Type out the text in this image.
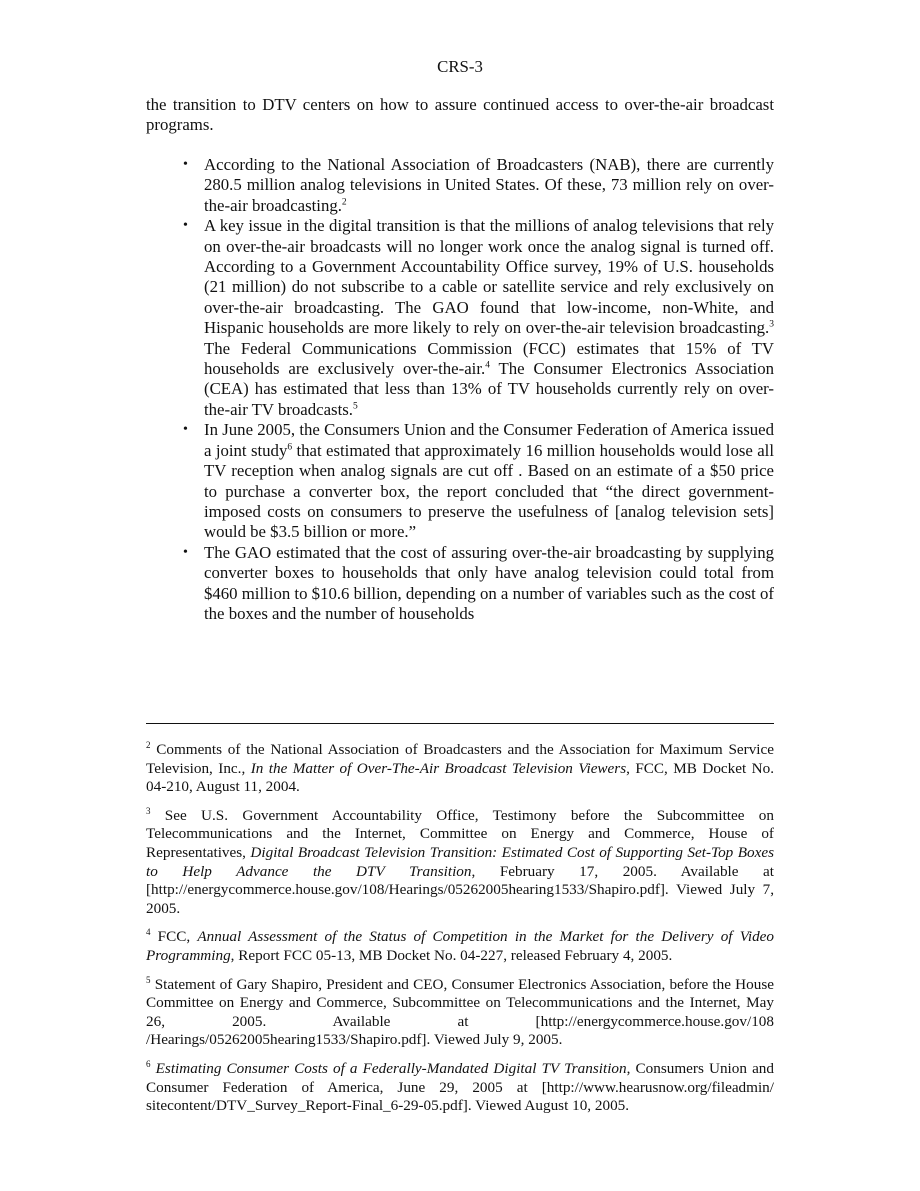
CRS-3

the transition to DTV centers on how to assure continued access to over-the-air broadcast programs.

• According to the National Association of Broadcasters (NAB), there are currently 280.5 million analog televisions in United States. Of these, 73 million rely on over-the-air broadcasting.$^2$
• A key issue in the digital transition is that the millions of analog televisions that rely on over-the-air broadcasts will no longer work once the analog signal is turned off. According to a Government Accountability Office survey, 19% of U.S. households (21 million) do not subscribe to a cable or satellite service and rely exclusively on over-the-air broadcasting. The GAO found that low-income, non-White, and Hispanic households are more likely to rely on over-the-air television broadcasting.$^3$ The Federal Communications Commission (FCC) estimates that 15% of TV households are exclusively over-the-air.$^4$ The Consumer Electronics Association (CEA) has estimated that less than 13% of TV households currently rely on over-the-air TV broadcasts.$^5$
• In June 2005, the Consumers Union and the Consumer Federation of America issued a joint study$^6$ that estimated that approximately 16 million households would lose all TV reception when analog signals are cut off . Based on an estimate of a $50 price to purchase a converter box, the report concluded that “the direct government-imposed costs on consumers to preserve the usefulness of [analog television sets] would be $3.5 billion or more.”
• The GAO estimated that the cost of assuring over-the-air broadcasting by supplying converter boxes to households that only have analog television could total from $460 million to $10.6 billion, depending on a number of variables such as the cost of the boxes and the number of households

$^2$ Comments of the National Association of Broadcasters and the Association for Maximum Service Television, Inc., In the Matter of Over-The-Air Broadcast Television Viewers, FCC, MB Docket No. 04-210, August 11, 2004.

$^3$ See U.S. Government Accountability Office, Testimony before the Subcommittee on Telecommunications and the Internet, Committee on Energy and Commerce, House of Representatives, Digital Broadcast Television Transition: Estimated Cost of Supporting Set-Top Boxes to Help Advance the DTV Transition, February 17, 2005. Available at [http://energycommerce.house.gov/108/Hearings/05262005hearing1533/Shapiro.pdf]. Viewed July 7, 2005.

$^4$ FCC, Annual Assessment of the Status of Competition in the Market for the Delivery of Video Programming, Report FCC 05-13, MB Docket No. 04-227, released February 4, 2005.

$^5$ Statement of Gary Shapiro, President and CEO, Consumer Electronics Association, before the House Committee on Energy and Commerce, Subcommittee on Telecommunications and the Internet, May 26, 2005. Available at [http://energycommerce.house.gov/108 /Hearings/05262005hearing1533/Shapiro.pdf]. Viewed July 9, 2005.

$^6$ Estimating Consumer Costs of a Federally-Mandated Digital TV Transition, Consumers Union and Consumer Federation of America, June 29, 2005 at [http://www.hearusnow.org/fileadmin/ sitecontent/DTV_Survey_Report-Final_6-29-05.pdf]. Viewed August 10, 2005.
